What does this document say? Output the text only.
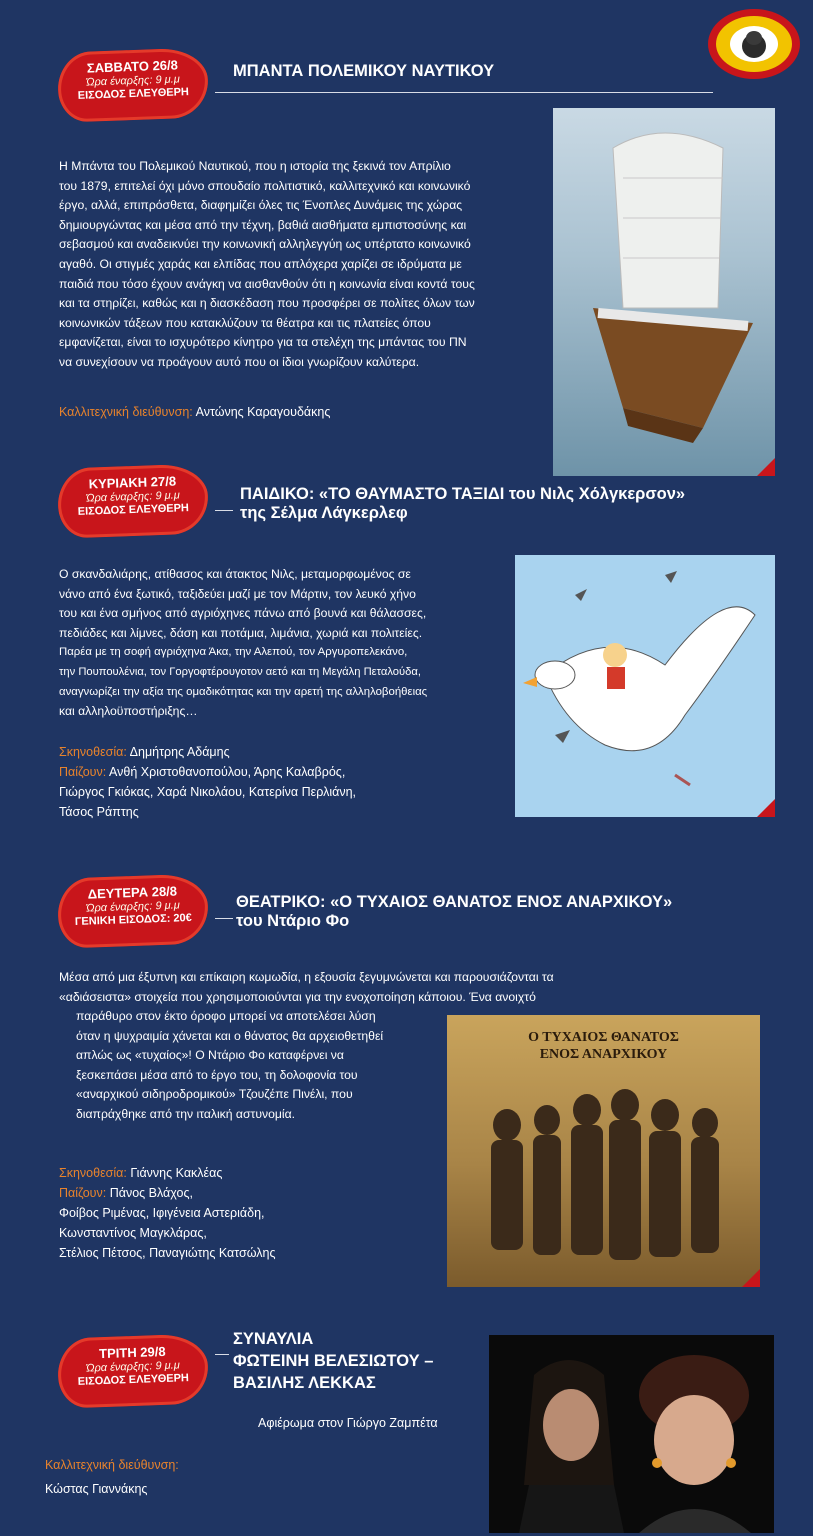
ΣΑΒΒΑΤΟ 26/8
Ώρα έναρξης: 9 μ.μ
ΕΙΣΟΔΟΣ ΕΛΕΥΘΕΡΗ
ΜΠΑΝΤΑ ΠΟΛΕΜΙΚΟΥ ΝΑΥΤΙΚΟΥ
Η Μπάντα του Πολεμικού Ναυτικού, που η ιστορία της ξεκινά τον Απρίλιο
του 1879, επιτελεί όχι μόνο σπουδαίο πολιτιστικό, καλλιτεχνικό και κοινωνικό
έργο, αλλά, επιπρόσθετα, διαφημίζει όλες τις Ένοπλες Δυνάμεις της χώρας
δημιουργώντας και μέσα από την τέχνη, βαθιά αισθήματα εμπιστοσύνης και
σεβασμού και αναδεικνύει την κοινωνική αλληλεγγύη ως υπέρτατο κοινωνικό
αγαθό. Οι στιγμές χαράς και ελπίδας που απλόχερα χαρίζει σε ιδρύματα με
παιδιά που τόσο έχουν ανάγκη να αισθανθούν ότι η κοινωνία είναι κοντά τους
και τα στηρίζει, καθώς και η διασκέδαση που προσφέρει σε πολίτες όλων των
κοινωνικών τάξεων που κατακλύζουν τα θέατρα και τις πλατείες όπου
εμφανίζεται, είναι το ισχυρότερο κίνητρο για τα στελέχη της μπάντας του ΠΝ
να συνεχίσουν να προάγουν αυτό που οι ίδιοι γνωρίζουν καλύτερα.
Καλλιτεχνική διεύθυνση: Αντώνης Καραγουδάκης
ΚΥΡΙΑΚΗ 27/8
Ώρα έναρξης: 9 μ.μ
ΕΙΣΟΔΟΣ ΕΛΕΥΘΕΡΗ
ΠΑΙΔΙΚΟ: «ΤΟ ΘΑΥΜΑΣΤΟ ΤΑΞΙΔΙ του Νιλς Χόλγκερσον»
της Σέλμα Λάγκερλεφ
Ο σκανδαλιάρης, ατίθασος και άτακτος Νιλς, μεταμορφωμένος σε
νάνο από ένα ξωτικό, ταξιδεύει μαζί με τον Μάρτιν, τον λευκό χήνο
του και ένα σμήνος από αγριόχηνες πάνω από βουνά και θάλασσες,
πεδιάδες και λίμνες, δάση και ποτάμια, λιμάνια, χωριά και πολιτείες.
Παρέα με τη σοφή αγριόχηνα Άκα, την Αλεπού, τον Αργυροπελεκάνο,
την Πουπουλένια, τον Γοργοφτέρουγοτον αετό και τη Μεγάλη Πεταλούδα,
αναγνωρίζει την αξία της ομαδικότητας και την αρετή της αλληλοβοήθειας
και αλληλοϋποστήριξης…
Σκηνοθεσία: Δημήτρης Αδάμης
Παίζουν: Ανθή Χριστοθανοπούλου, Άρης Καλαβρός,
Γιώργος Γκιόκας, Χαρά Νικολάου, Κατερίνα Περλιάνη,
Τάσος Ράπτης
ΔΕΥΤΕΡΑ 28/8
Ώρα έναρξης: 9 μ.μ
ΓΕΝΙΚΗ ΕΙΣΟΔΟΣ: 20€
ΘΕΑΤΡΙΚΟ: «Ο ΤΥΧΑΙΟΣ ΘΑΝΑΤΟΣ ΕΝΟΣ ΑΝΑΡΧΙΚΟΥ»
του Ντάριο Φο
Μέσα από μια έξυπνη και επίκαιρη κωμωδία, η εξουσία ξεγυμνώνεται και παρουσιάζονται τα
«αδιάσειστα» στοιχεία που χρησιμοποιούνται για την ενοχοποίηση κάποιου. Ένα ανοιχτό
παράθυρο στον έκτο όροφο μπορεί να αποτελέσει λύση
όταν η ψυχραιμία χάνεται και ο θάνατος θα αρχειοθετηθεί
απλώς ως «τυχαίος»! Ο Ντάριο Φο καταφέρνει να
ξεσκεπάσει μέσα από το έργο του, τη δολοφονία του
«αναρχικού σιδηροδρομικού» Τζουζέπε Πινέλι, που
διαπράχθηκε από την ιταλική αστυνομία.
Ο ΤΥΧΑΙΟΣ ΘΑΝΑΤΟΣ
ΕΝΟΣ ΑΝΑΡΧΙΚΟΥ
Σκηνοθεσία: Γιάννης Κακλέας
Παίζουν: Πάνος Βλάχος,
Φοίβος Ριμένας, Ιφιγένεια Αστεριάδη,
Κωνσταντίνος Μαγκλάρας,
Στέλιος Πέτσος, Παναγιώτης Κατσώλης
ΤΡΙΤΗ 29/8
Ώρα έναρξης: 9 μ.μ
ΕΙΣΟΔΟΣ ΕΛΕΥΘΕΡΗ
ΣΥΝΑΥΛΙΑ
ΦΩΤΕΙΝΗ ΒΕΛΕΣΙΩΤΟΥ –
ΒΑΣΙΛΗΣ ΛΕΚΚΑΣ
Αφιέρωμα στον Γιώργο Ζαμπέτα
Καλλιτεχνική διεύθυνση:
Κώστας Γιαννάκης
